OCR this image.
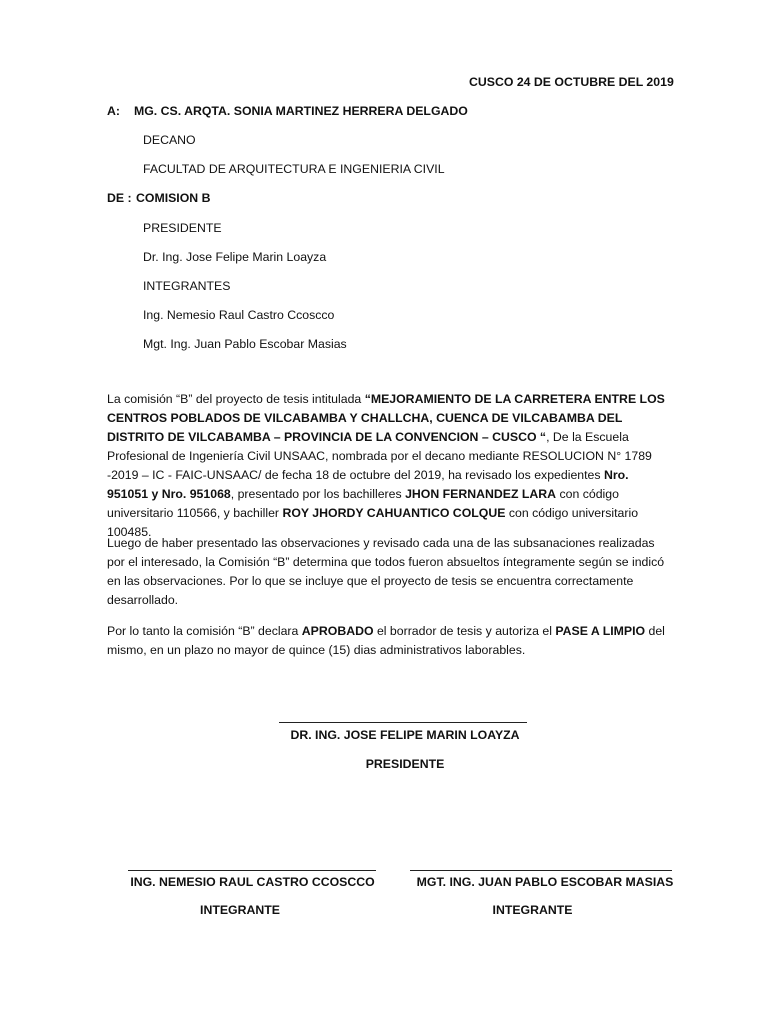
CUSCO 24 DE OCTUBRE DEL 2019
A: MG. CS. ARQTA. SONIA MARTINEZ HERRERA DELGADO
DECANO
FACULTAD DE ARQUITECTURA E INGENIERIA CIVIL
DE : COMISION B
PRESIDENTE
Dr. Ing. Jose Felipe Marin Loayza
INTEGRANTES
Ing. Nemesio Raul Castro Ccoscco
Mgt. Ing. Juan Pablo Escobar Masias
La comisión “B” del proyecto de tesis intitulada “MEJORAMIENTO DE LA CARRETERA ENTRE LOS CENTROS POBLADOS DE VILCABAMBA Y CHALLCHA, CUENCA DE VILCABAMBA DEL DISTRITO DE VILCABAMBA – PROVINCIA DE LA CONVENCION – CUSCO “, De la Escuela Profesional de Ingeniería Civil UNSAAC, nombrada por el decano mediante RESOLUCION N° 1789 -2019 – IC - FAIC-UNSAAC/ de fecha 18 de octubre del 2019, ha revisado los expedientes Nro. 951051 y Nro. 951068, presentado por los bachilleres JHON FERNANDEZ LARA con código universitario 110566, y bachiller ROY JHORDY CAHUANTICO COLQUE con código universitario 100485.
Luego de haber presentado las observaciones y revisado cada una de las subsanaciones realizadas por el interesado, la Comisión “B” determina que todos fueron absueltos íntegramente según se indicó en las observaciones. Por lo que se incluye que el proyecto de tesis se encuentra correctamente desarrollado.
Por lo tanto la comisión “B” declara APROBADO el borrador de tesis y autoriza el PASE A LIMPIO del mismo, en un plazo no mayor de quince (15) dias administrativos laborables.
DR. ING. JOSE FELIPE MARIN LOAYZA
PRESIDENTE
ING. NEMESIO RAUL CASTRO CCOSCCO
INTEGRANTE
MGT. ING. JUAN PABLO ESCOBAR MASIAS
INTEGRANTE
